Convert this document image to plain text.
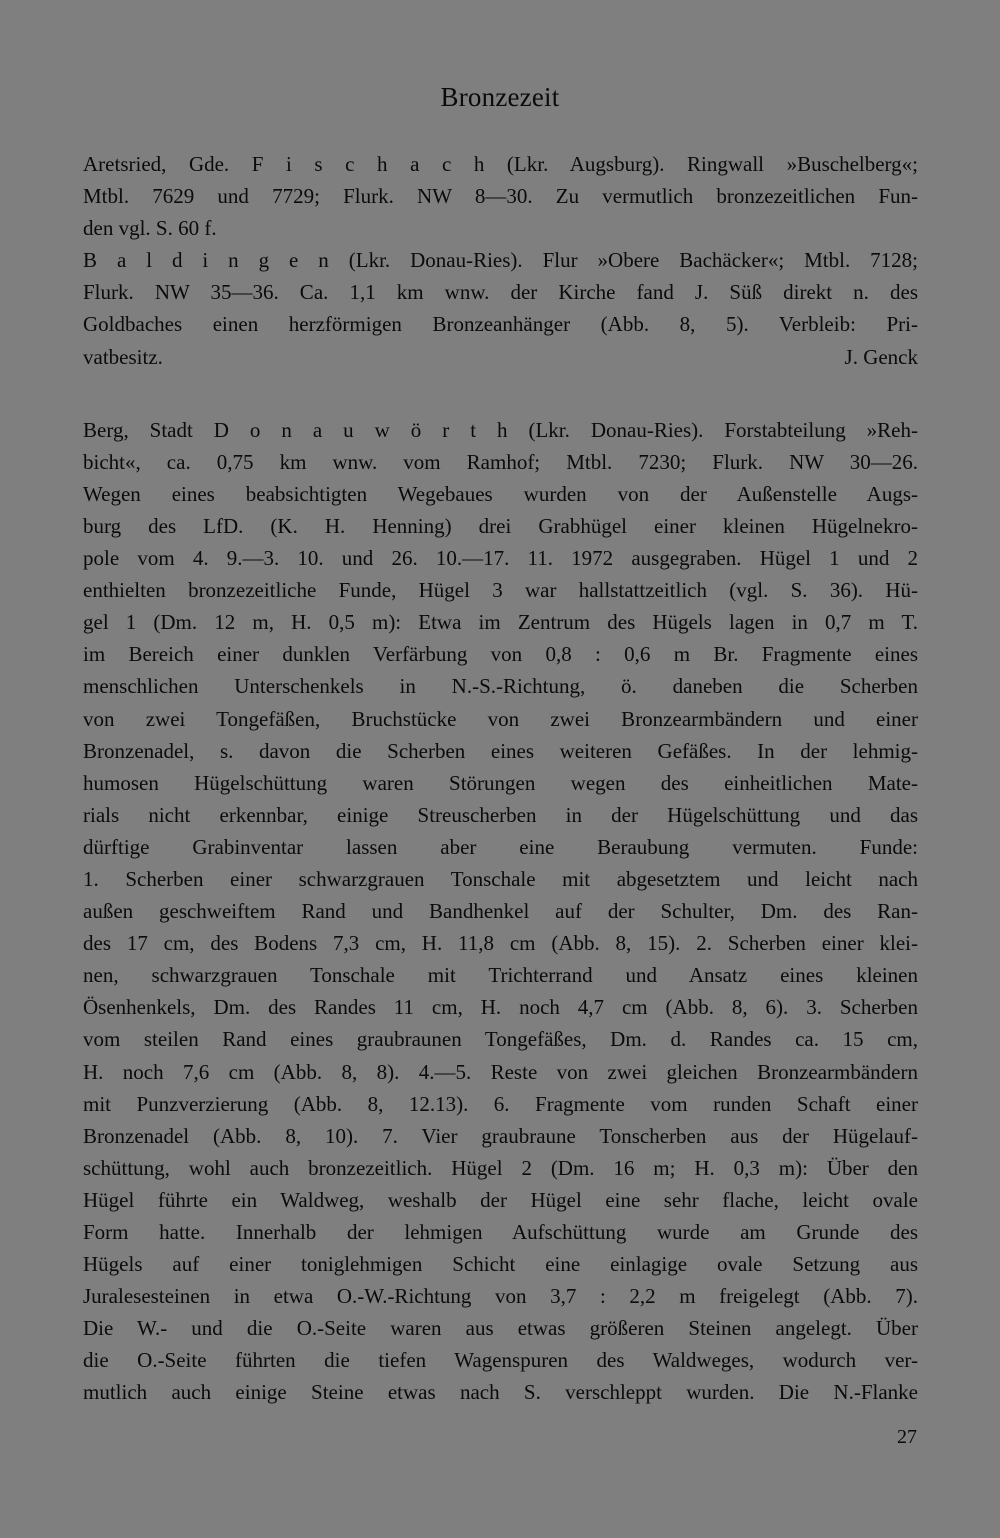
Bronzezeit
Aretsried, Gde. F i s c h a c h (Lkr. Augsburg). Ringwall »Buschelberg«;
Mtbl. 7629 und 7729; Flurk. NW 8—30. Zu vermutlich bronzezeitlichen Fun-
den vgl. S. 60 f.
B a l d i n g e n (Lkr. Donau-Ries). Flur »Obere Bachäcker«; Mtbl. 7128;
Flurk. NW 35—36. Ca. 1,1 km wnw. der Kirche fand J. Süß direkt n. des
Goldbaches einen herzförmigen Bronzeanhänger (Abb. 8, 5). Verbleib: Pri-
vatbesitz.	J. Genck
Berg, Stadt D o n a u w ö r t h (Lkr. Donau-Ries). Forstabteilung »Reh-
bicht«, ca. 0,75 km wnw. vom Ramhof; Mtbl. 7230; Flurk. NW 30—26.
Wegen eines beabsichtigten Wegebaues wurden von der Außenstelle Augs-
burg des LfD. (K. H. Henning) drei Grabhügel einer kleinen Hügelnekro-
pole vom 4. 9.—3. 10. und 26. 10.—17. 11. 1972 ausgegraben. Hügel 1 und 2
enthielten bronzezeitliche Funde, Hügel 3 war hallstattzeitlich (vgl. S. 36). Hü-
gel 1 (Dm. 12 m, H. 0,5 m): Etwa im Zentrum des Hügels lagen in 0,7 m T.
im Bereich einer dunklen Verfärbung von 0,8 : 0,6 m Br. Fragmente eines
menschlichen Unterschenkels in N.-S.-Richtung, ö. daneben die Scherben
von zwei Tongefäßen, Bruchstücke von zwei Bronzearmbändern und einer
Bronzenadel, s. davon die Scherben eines weiteren Gefäßes. In der lehmig-
humosen Hügelschüttung waren Störungen wegen des einheitlichen Mate-
rials nicht erkennbar, einige Streuscherben in der Hügelschüttung und das
dürftige Grabinventar lassen aber eine Beraubung vermuten. Funde:
1. Scherben einer schwarzgrauen Tonschale mit abgesetztem und leicht nach
außen geschweiftem Rand und Bandhenkel auf der Schulter, Dm. des Ran-
des 17 cm, des Bodens 7,3 cm, H. 11,8 cm (Abb. 8, 15). 2. Scherben einer klei-
nen, schwarzgrauen Tonschale mit Trichterrand und Ansatz eines kleinen
Ösenhenkels, Dm. des Randes 11 cm, H. noch 4,7 cm (Abb. 8, 6). 3. Scherben
vom steilen Rand eines graubraunen Tongefäßes, Dm. d. Randes ca. 15 cm,
H. noch 7,6 cm (Abb. 8, 8). 4.—5. Reste von zwei gleichen Bronzearmbändern
mit Punzverzierung (Abb. 8, 12.13). 6. Fragmente vom runden Schaft einer
Bronzenadel (Abb. 8, 10). 7. Vier graubraune Tonscherben aus der Hügelauf-
schüttung, wohl auch bronzezeitlich. Hügel 2 (Dm. 16 m; H. 0,3 m): Über den
Hügel führte ein Waldweg, weshalb der Hügel eine sehr flache, leicht ovale
Form hatte. Innerhalb der lehmigen Aufschüttung wurde am Grunde des
Hügels auf einer toniglehmigen Schicht eine einlagige ovale Setzung aus
Juralesesteinen in etwa O.-W.-Richtung von 3,7 : 2,2 m freigelegt (Abb. 7).
Die W.- und die O.-Seite waren aus etwas größeren Steinen angelegt. Über
die O.-Seite führten die tiefen Wagenspuren des Waldweges, wodurch ver-
mutlich auch einige Steine etwas nach S. verschleppt wurden. Die N.-Flanke
27
